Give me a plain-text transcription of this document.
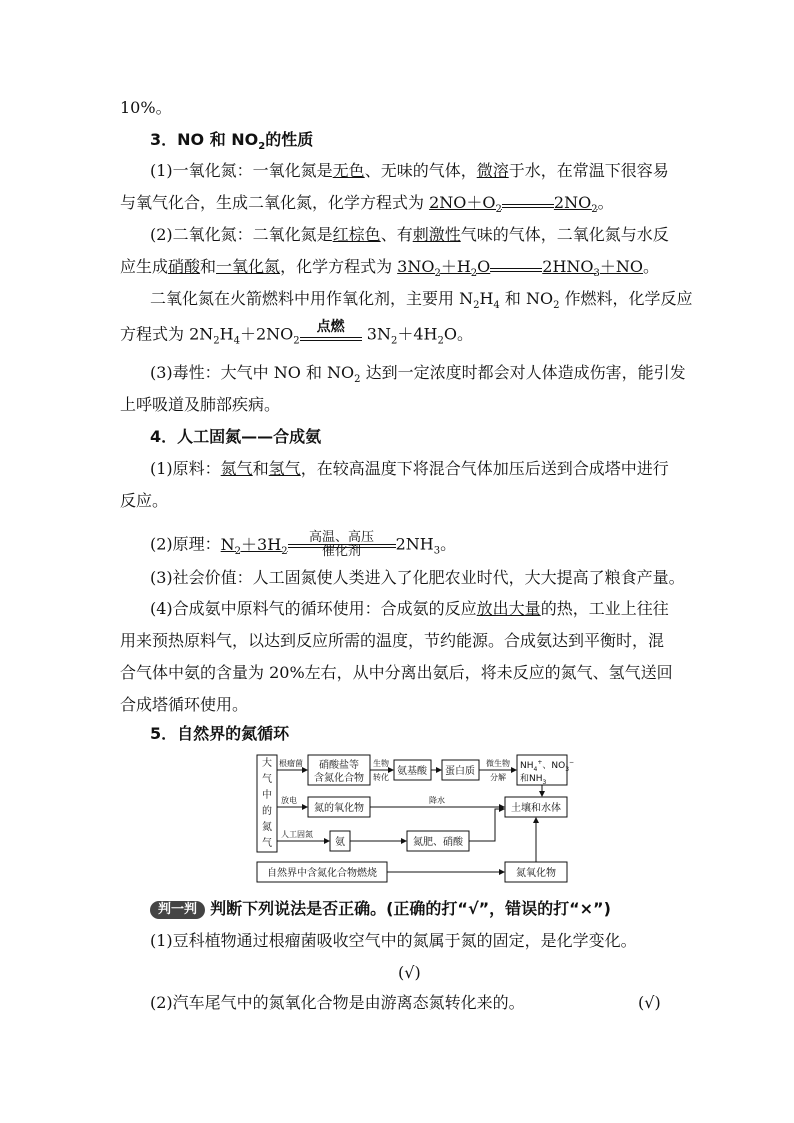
10%。
3．NO 和 $NO_2$的性质
(1)一氧化氮：一氧化氮是无色、无味的气体，微溶于水，在常温下很容易
与氧气化合，生成二氧化氮，化学方程式为 $2NO+O_2$	$2NO_2$。
(2)二氧化氮：二氧化氮是红棕色、有刺激性气味的气体，二氧化氮与水反
应生成硝酸和一氧化氮，化学方程式为 $3NO_2+H_2O$	$2HNO_3+NO$。
二氧化氮在火箭燃料中用作氧化剂，主要用 $N_2H_4$ 和 $NO_2$ 作燃料，化学反应
方程式为 $2N_2H_4+2NO_2$
点燃	$3N_2+4H_2O$。
(3)毒性：大气中 NO 和 $NO_2$ 达到一定浓度时都会对人体造成伤害，能引发
上呼吸道及肺部疾病。
4．人工固氮——合成氨
(1)原料：氮气和氢气，在较高温度下将混合气体加压后送到合成塔中进行
反应。
(2)原理：$N_2+3H_2$
高温、高压
催化剂	$2NH_3$。
(3)社会价值：人工固氮使人类进入了化肥农业时代，大大提高了粮食产量。
(4)合成氨中原料气的循环使用：合成氨的反应放出大量的热，工业上往往
用来预热原料气，以达到反应所需的温度，节约能源。合成氨达到平衡时，混
合气体中氨的含量为 20%左右，从中分离出氨后，将未反应的氮气、氢气送回
合成塔循环使用。
5．自然界的氮循环
大
气
中
的
氮
气
根瘤菌 硝酸盐等
含氮化合物
生物
转化
氨基酸 蛋白质
微生物
分解
$NH_4^+$、$NO_3^-$
和$NH_3$
放电
氮的氧化物
降水
土壤和水体
人工固氮
氨	氮肥、硝酸
自然界中含氮化合物燃烧	氮氧化物
判一判 判断下列说法是否正确。(正确的打“√”，错误的打“×”)
(1)豆科植物通过根瘤菌吸收空气中的氮属于氮的固定，是化学变化。
(√)
(2)汽车尾气中的氮氧化合物是由游离态氮转化来的。	(√)
